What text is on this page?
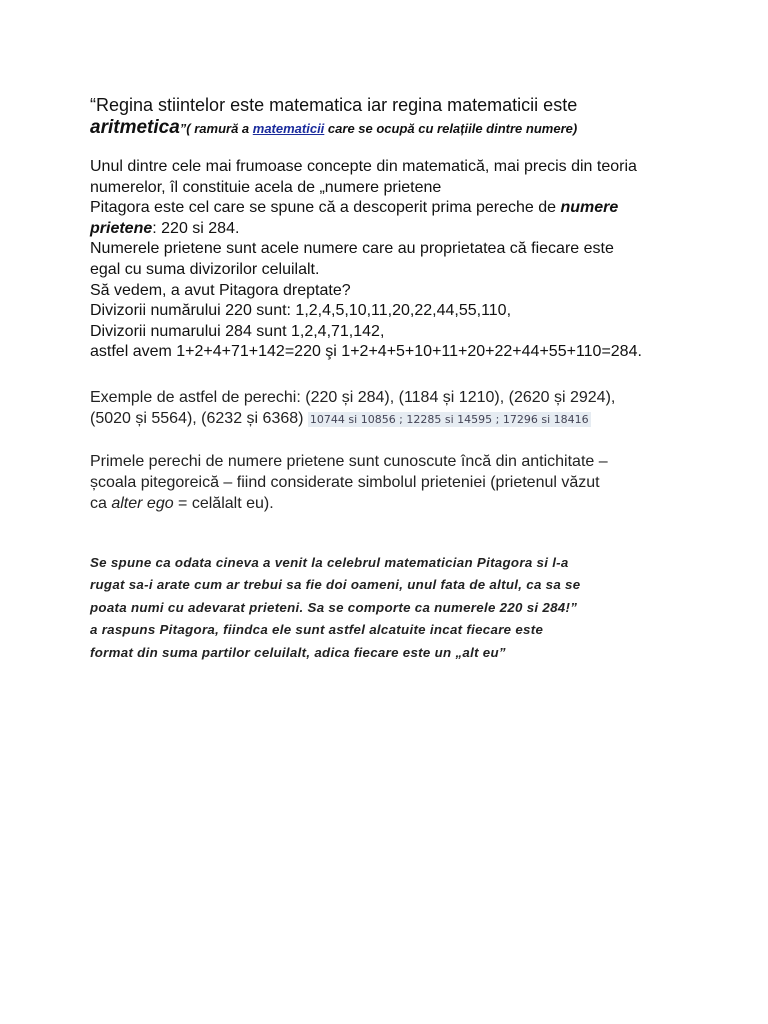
“Regina stiintelor este matematica iar regina matematicii este
aritmetica”( ramură a matematicii care se ocupă cu relațiile dintre numere)
Unul dintre cele mai frumoase concepte din matematică, mai precis din teoria
numerelor, îl constituie acela de „numere prietene
Pitagora este cel care se spune că a descoperit prima pereche de numere
prietene: 220 si 284.
Numerele prietene sunt acele numere care au proprietatea că fiecare este
egal cu suma divizorilor celuilalt.
Să vedem, a avut Pitagora dreptate?
Divizorii numărului 220 sunt: 1,2,4,5,10,11,20,22,44,55,110,
Divizorii numarului 284 sunt 1,2,4,71,142,
astfel avem 1+2+4+71+142=220 şi 1+2+4+5+10+11+20+22+44+55+110=284.
Exemple de astfel de perechi: (220 și 284), (1184 și 1210), (2620 și 2924),
(5020 și 5564), (6232 și 6368) 10744 si 10856 ; 12285 si 14595 ; 17296 si 18416
Primele perechi de numere prietene sunt cunoscute încă din antichitate –
școala pitegoreică – fiind considerate simbolul prieteniei (prietenul văzut
ca alter ego = celălalt eu).
Se spune ca odata cineva a venit la celebrul matematician Pitagora si l-a
rugat sa-i arate cum ar trebui sa fie doi oameni, unul fata de altul, ca sa se
poata numi cu adevarat prieteni. Sa se comporte ca numerele 220 si 284!”
a raspuns Pitagora, fiindca ele sunt astfel alcatuite incat fiecare este
format din suma partilor celuilalt, adica fiecare este un „alt eu”
